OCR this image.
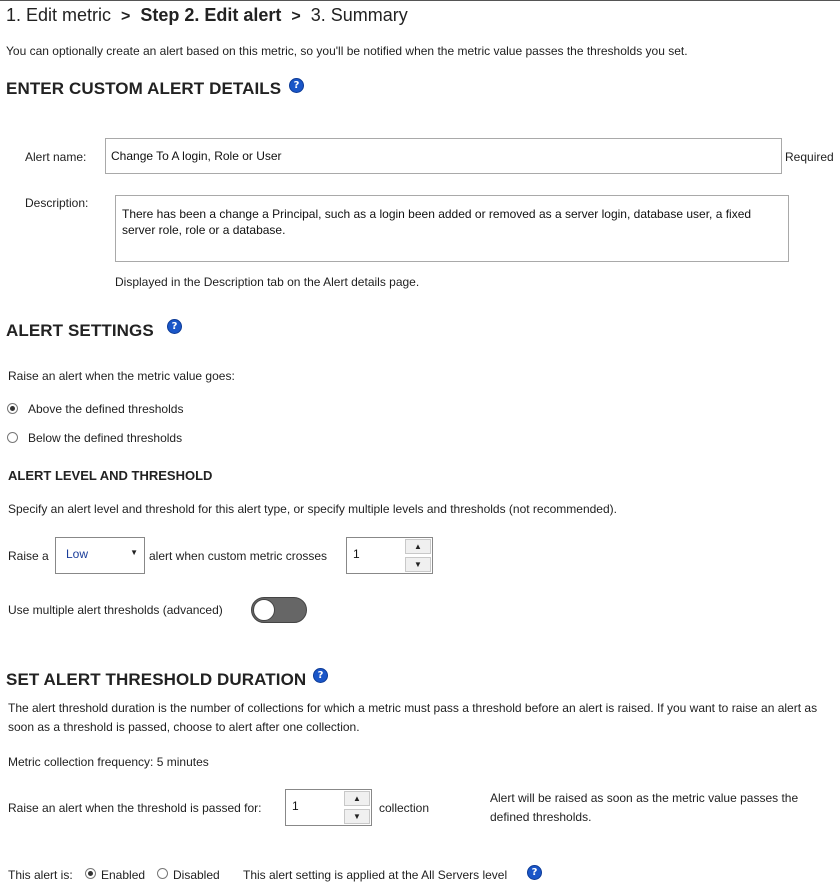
1. Edit metric > Step 2. Edit alert > 3. Summary
You can optionally create an alert based on this metric, so you'll be notified when the metric value passes the thresholds you set.
ENTER CUSTOM ALERT DETAILS	?
Alert name:	Change To A login, Role or User	Required
Description:
There has been a change a Principal, such as a login been added or removed as a server login, database user, a fixed server role, role or a database.
Displayed in the Description tab on the Alert details page.
ALERT SETTINGS	?
Raise an alert when the metric value goes:
Above the defined thresholds
Below the defined thresholds
ALERT LEVEL AND THRESHOLD
Specify an alert level and threshold for this alert type, or specify multiple levels and thresholds (not recommended).
Raise a Low	▼ alert when custom metric crosses 1
▲
▼
Use multiple alert thresholds (advanced)
SET ALERT THRESHOLD DURATION	?
The alert threshold duration is the number of collections for which a metric must pass a threshold before an alert is raised. If you want to raise an alert as
soon as a threshold is passed, choose to alert after one collection.
Metric collection frequency: 5 minutes
Raise an alert when the threshold is passed for:	1
▲
▼
collection
Alert will be raised as soon as the metric value passes the
defined thresholds.
This alert is: Enabled Disabled This alert setting is applied at the All Servers level	?
